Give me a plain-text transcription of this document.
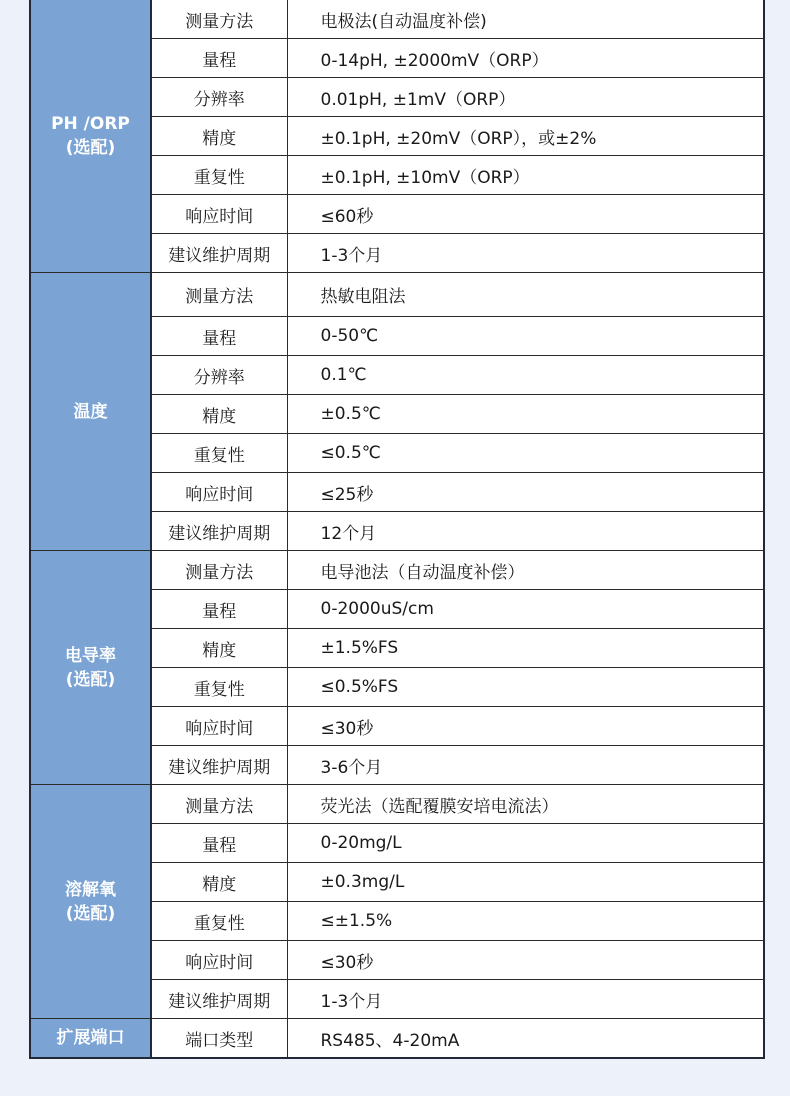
PH /ORP
(选配)	测量方法	电极法(自动温度补偿)
	量程	0-14pH, ±2000mV（ORP）
	分辨率	0.01pH, ±1mV（ORP）
	精度	±0.1pH, ±20mV（ORP），或±2%
	重复性	±0.1pH, ±10mV（ORP）
	响应时间	≤60秒
	建议维护周期	1-3个月

温度	测量方法	热敏电阻法
	量程	0-50℃
	分辨率	0.1℃
	精度	±0.5℃
	重复性	≤0.5℃
	响应时间	≤25秒
	建议维护周期	12个月

电导率
(选配)	测量方法	电导池法（自动温度补偿）
	量程	0-2000uS/cm
	精度	±1.5%FS
	重复性	≤0.5%FS
	响应时间	≤30秒
	建议维护周期	3-6个月

溶解氧
(选配)	测量方法	荧光法（选配覆膜安培电流法）
	量程	0-20mg/L
	精度	±0.3mg/L
	重复性	≤±1.5%
	响应时间	≤30秒
	建议维护周期	1-3个月

扩展端口	端口类型	RS485、4-20mA
